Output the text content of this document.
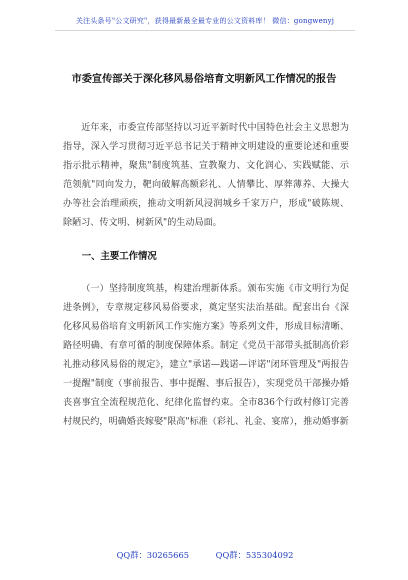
关注头条号"公文研究"，获得最新最全最专业的公文资料库！ 微信：gongwenyj
市委宣传部关于深化移风易俗培育文明新风工作情况的报告

近年来，市委宣传部坚持以习近平新时代中国特色社会主义思想为指导，深入学习贯彻习近平总书记关于精神文明建设的重要论述和重要指示批示精神，聚焦"制度筑基、宣教聚力、文化润心、实践赋能、示范领航"同向发力，靶向破解高额彩礼、人情攀比、厚葬薄养、大操大办等社会治理顽疾，推动文明新风浸润城乡千家万户，形成"破陈规、除陋习、传文明、树新风"的生动局面。

一、主要工作情况

（一）坚持制度筑基，构建治理新体系。颁布实施《市文明行为促进条例》，专章规定移风易俗要求，奠定坚实法治基础。配套出台《深化移风易俗培育文明新风工作实施方案》等系列文件，形成目标清晰、路径明确、有章可循的制度保障体系。制定《党员干部带头抵制高价彩礼推动移风易俗的规定》，建立"承诺—践诺—评诺"闭环管理及"两报告一提醒"制度（事前报告、事中提醒、事后报告），实现党员干部操办婚丧喜事宜全流程规范化、纪律化监督约束。全市836个行政村修订完善村规民约，明确婚丧嫁娶"限高"标准（彩礼、礼金、宴席），推动婚事新

QQ群：30265665	QQ群：535304092
